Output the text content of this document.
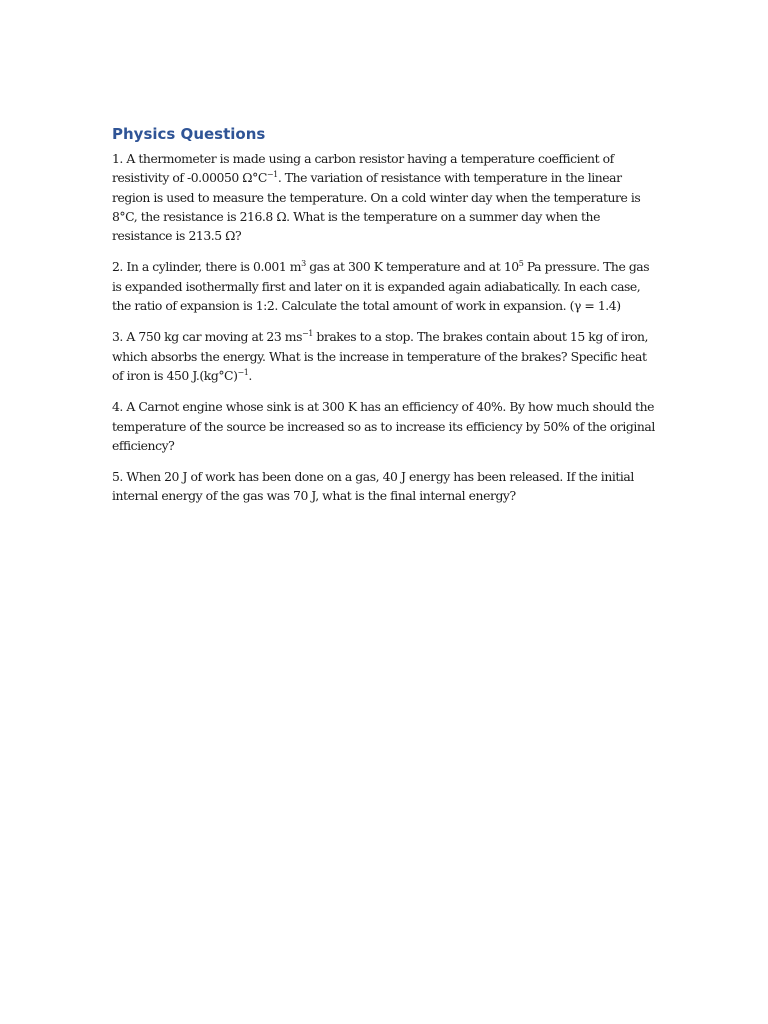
Physics Questions

1. A thermometer is made using a carbon resistor having a temperature coefficient of resistivity of -0.00050 $\Omega^\circ C^{-1}$. The variation of resistance with temperature in the linear region is used to measure the temperature. On a cold winter day when the temperature is 8°C, the resistance is 216.8 Ω. What is the temperature on a summer day when the resistance is 213.5 Ω?

2. In a cylinder, there is 0.001 $m^3$ gas at 300 K temperature and at $10^5$ Pa pressure. The gas is expanded isothermally first and later on it is expanded again adiabatically. In each case, the ratio of expansion is 1:2. Calculate the total amount of work in expansion. (γ = 1.4)

3. A 750 kg car moving at 23 $ms^{-1}$ brakes to a stop. The brakes contain about 15 kg of iron, which absorbs the energy. What is the increase in temperature of the brakes? Specific heat of iron is 450 $J.(kg^\circ C)^{-1}$.

4. A Carnot engine whose sink is at 300 K has an efficiency of 40%. By how much should the temperature of the source be increased so as to increase its efficiency by 50% of the original efficiency?

5. When 20 J of work has been done on a gas, 40 J energy has been released. If the initial internal energy of the gas was 70 J, what is the final internal energy?
